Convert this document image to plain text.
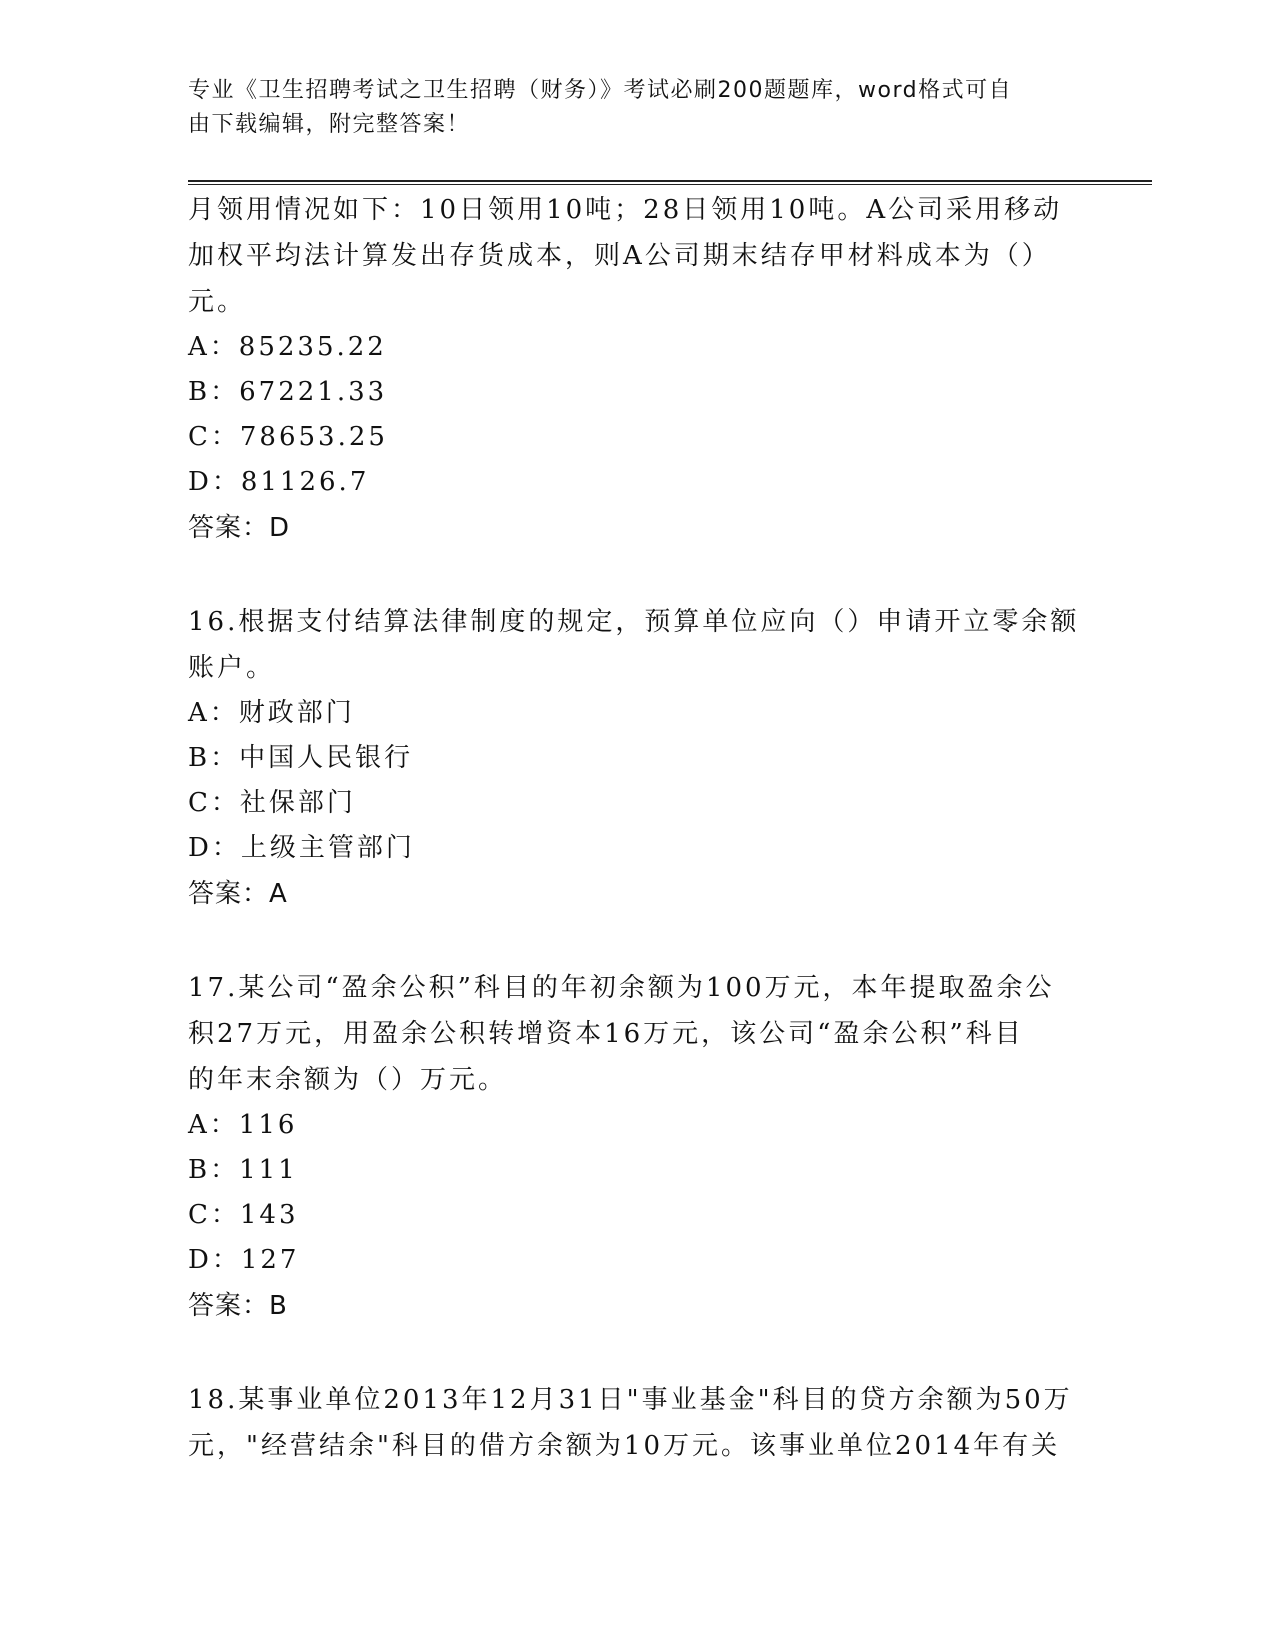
专业《卫生招聘考试之卫生招聘（财务）》考试必刷200题题库，word格式可自
由下载编辑，附完整答案！
月领用情况如下：10日领用10吨；28日领用10吨。A公司采用移动
加权平均法计算发出存货成本，则A公司期末结存甲材料成本为（）
元。
A：85235.22
B：67221.33
C：78653.25
D：81126.7
答案：D
16.根据支付结算法律制度的规定，预算单位应向（）申请开立零余额
账户。
A：财政部门
B：中国人民银行
C：社保部门
D：上级主管部门
答案：A
17.某公司“盈余公积”科目的年初余额为100万元，本年提取盈余公
积27万元，用盈余公积转增资本16万元，该公司“盈余公积”科目
的年末余额为（）万元。
A：116
B：111
C：143
D：127
答案：B
18.某事业单位2013年12月31日"事业基金"科目的贷方余额为50万
元，"经营结余"科目的借方余额为10万元。该事业单位2014年有关
